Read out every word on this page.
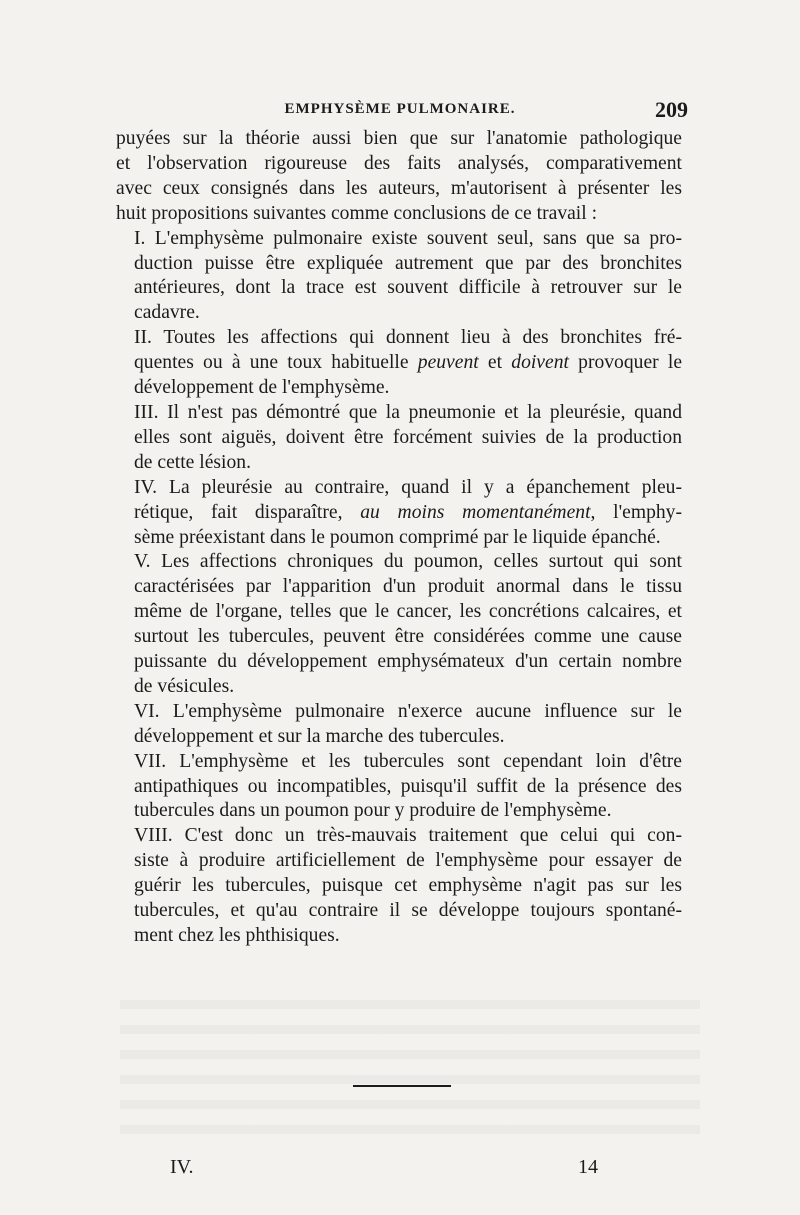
EMPHYSÈME PULMONAIRE.	209

puyées sur la théorie aussi bien que sur l'anatomie pathologique
et l'observation rigoureuse des faits analysés, comparativement
avec ceux consignés dans les auteurs, m'autorisent à présenter les
huit propositions suivantes comme conclusions de ce travail :

I. L'emphysème pulmonaire existe souvent seul, sans que sa pro-
duction puisse être expliquée autrement que par des bronchites
antérieures, dont la trace est souvent difficile à retrouver sur le
cadavre.

II. Toutes les affections qui donnent lieu à des bronchites fré-
quentes ou à une toux habituelle peuvent et doivent provoquer le
développement de l'emphysème.

III. Il n'est pas démontré que la pneumonie et la pleurésie, quand
elles sont aiguës, doivent être forcément suivies de la production
de cette lésion.

IV. La pleurésie au contraire, quand il y a épanchement pleu-
rétique, fait disparaître, au moins momentanément, l'emphy-
sème préexistant dans le poumon comprimé par le liquide épanché.

V. Les affections chroniques du poumon, celles surtout qui sont
caractérisées par l'apparition d'un produit anormal dans le tissu
même de l'organe, telles que le cancer, les concrétions calcaires, et
surtout les tubercules, peuvent être considérées comme une cause
puissante du développement emphysémateux d'un certain nombre
de vésicules.

VI. L'emphysème pulmonaire n'exerce aucune influence sur le
développement et sur la marche des tubercules.

VII. L'emphysème et les tubercules sont cependant loin d'être
antipathiques ou incompatibles, puisqu'il suffit de la présence des
tubercules dans un poumon pour y produire de l'emphysème.

VIII. C'est donc un très-mauvais traitement que celui qui con-
siste à produire artificiellement de l'emphysème pour essayer de
guérir les tubercules, puisque cet emphysème n'agit pas sur les
tubercules, et qu'au contraire il se développe toujours spontané-
ment chez les phthisiques.

IV.	14
